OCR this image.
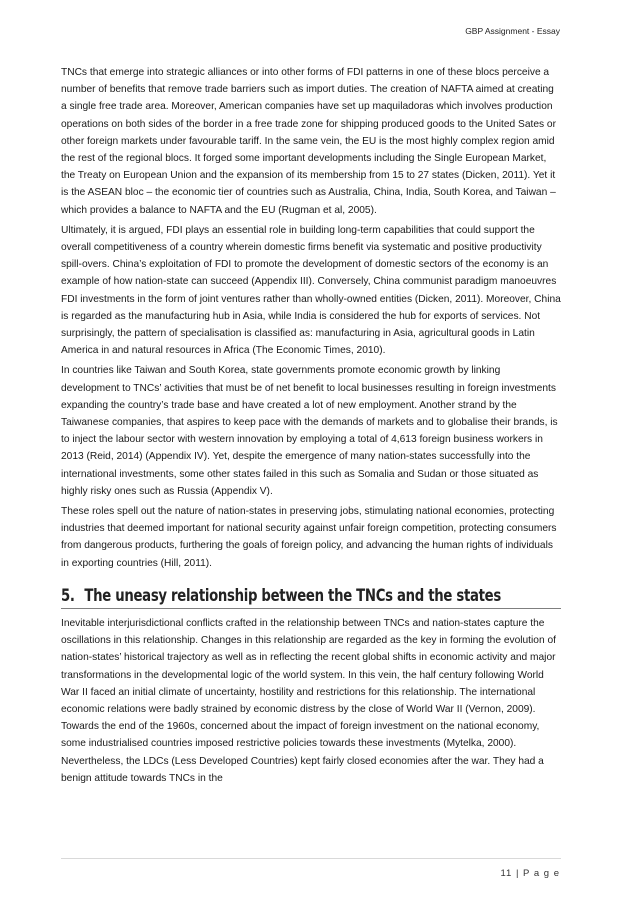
GBP Assignment - Essay

TNCs that emerge into strategic alliances or into other forms of FDI patterns in one of these blocs perceive a number of benefits that remove trade barriers such as import duties. The creation of NAFTA aimed at creating a single free trade area. Moreover, American companies have set up maquiladoras which involves production operations on both sides of the border in a free trade zone for shipping produced goods to the United Sates or other foreign markets under favourable tariff. In the same vein, the EU is the most highly complex region amid the rest of the regional blocs. It forged some important developments including the Single European Market, the Treaty on European Union and the expansion of its membership from 15 to 27 states (Dicken, 2011). Yet it is the ASEAN bloc – the economic tier of countries such as Australia, China, India, South Korea, and Taiwan – which provides a balance to NAFTA and the EU (Rugman et al, 2005).

Ultimately, it is argued, FDI plays an essential role in building long-term capabilities that could support the overall competitiveness of a country wherein domestic firms benefit via systematic and positive productivity spill-overs. China’s exploitation of FDI to promote the development of domestic sectors of the economy is an example of how nation-state can succeed (Appendix III). Conversely, China communist paradigm manoeuvres FDI investments in the form of joint ventures rather than wholly-owned entities (Dicken, 2011). Moreover, China is regarded as the manufacturing hub in Asia, while India is considered the hub for exports of services. Not surprisingly, the pattern of specialisation is classified as: manufacturing in Asia, agricultural goods in Latin America in and natural resources in Africa (The Economic Times, 2010).

In countries like Taiwan and South Korea, state governments promote economic growth by linking development to TNCs’ activities that must be of net benefit to local businesses resulting in foreign investments expanding the country’s trade base and have created a lot of new employment. Another strand by the Taiwanese companies, that aspires to keep pace with the demands of markets and to globalise their brands, is to inject the labour sector with western innovation by employing a total of 4,613 foreign business workers in 2013 (Reid, 2014) (Appendix IV). Yet, despite the emergence of many nation-states successfully into the international investments, some other states failed in this such as Somalia and Sudan or those situated as highly risky ones such as Russia (Appendix V).

These roles spell out the nature of nation-states in preserving jobs, stimulating national economies, protecting industries that deemed important for national security against unfair foreign competition, protecting consumers from dangerous products, furthering the goals of foreign policy, and advancing the human rights of individuals in exporting countries (Hill, 2011).

5. The uneasy relationship between the TNCs and the states

Inevitable interjurisdictional conflicts crafted in the relationship between TNCs and nation-states capture the oscillations in this relationship. Changes in this relationship are regarded as the key in forming the evolution of nation-states’ historical trajectory as well as in reflecting the recent global shifts in economic activity and major transformations in the developmental logic of the world system. In this vein, the half century following World War II faced an initial climate of uncertainty, hostility and restrictions for this relationship. The international economic relations were badly strained by economic distress by the close of World War II (Vernon, 2009). Towards the end of the 1960s, concerned about the impact of foreign investment on the national economy, some industrialised countries imposed restrictive policies towards these investments (Mytelka, 2000). Nevertheless, the LDCs (Less Developed Countries) kept fairly closed economies after the war. They had a benign attitude towards TNCs in the

11 | P a g e
